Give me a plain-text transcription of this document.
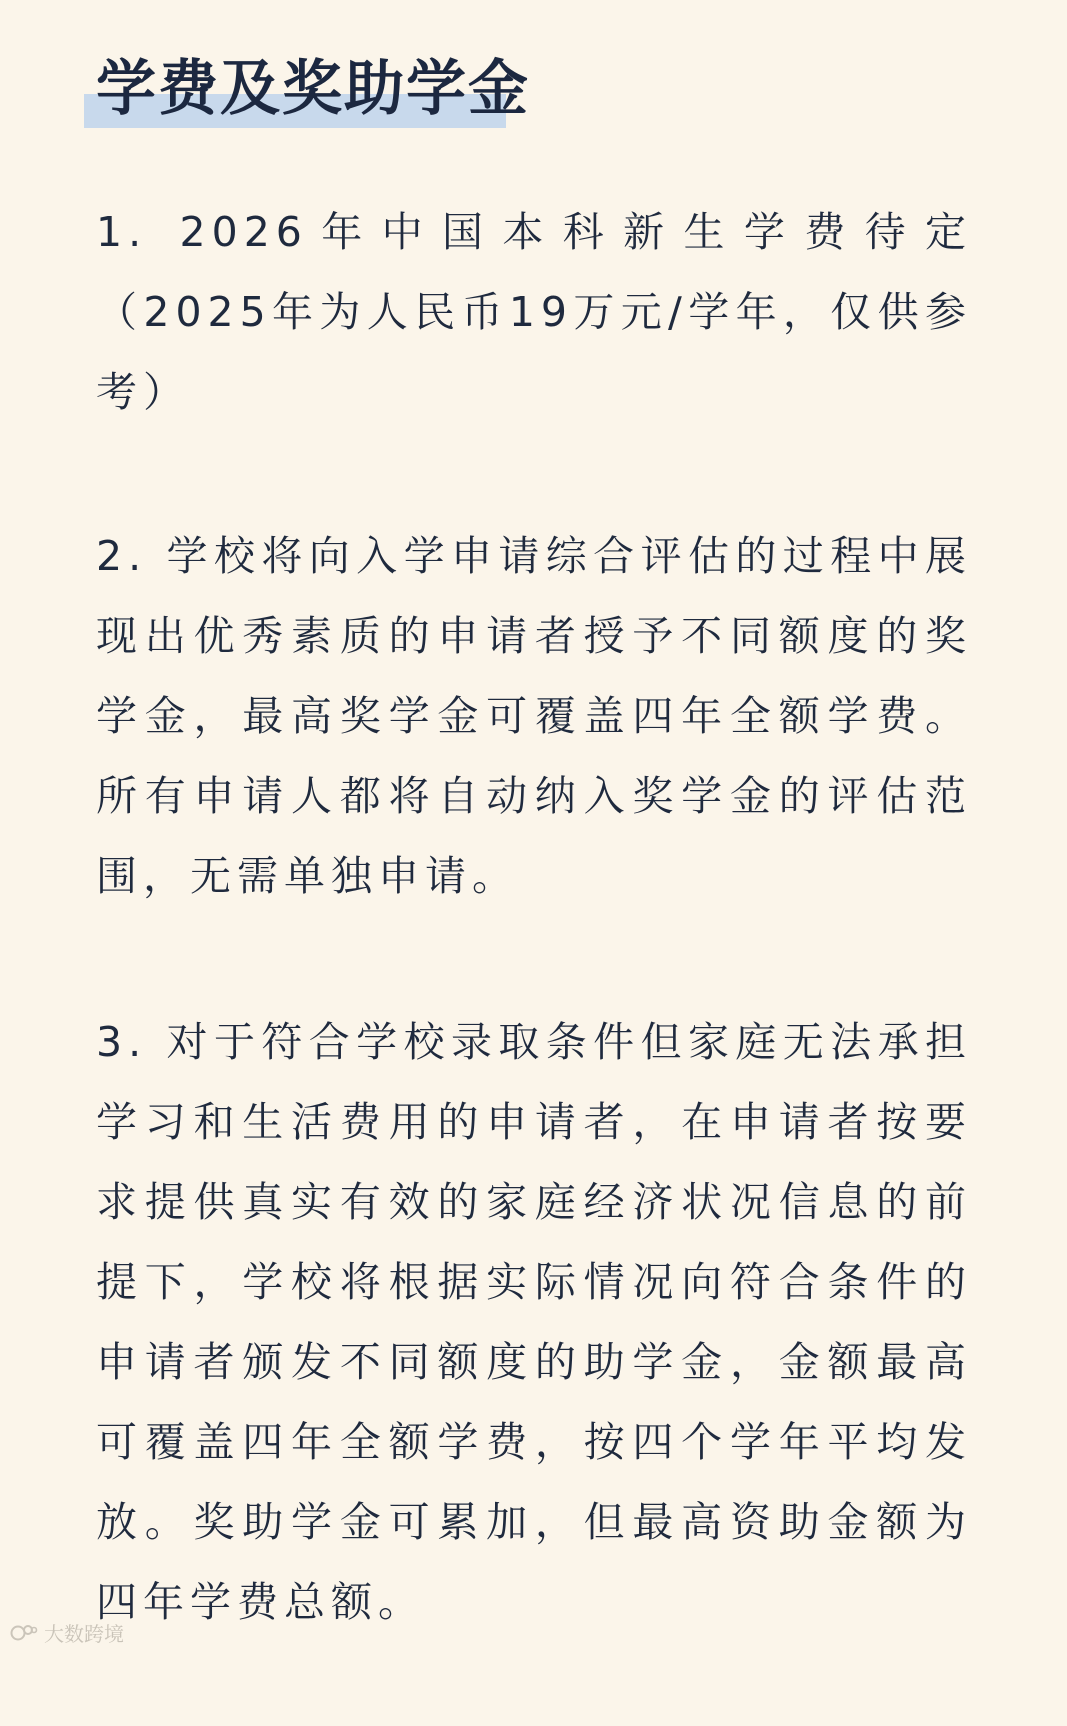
学费及奖助学金

1. 2026年中国本科新生学费待定（2025年为人民币19万元/学年，仅供参考）

2. 学校将向入学申请综合评估的过程中展现出优秀素质的申请者授予不同额度的奖学金，最高奖学金可覆盖四年全额学费。所有申请人都将自动纳入奖学金的评估范围，无需单独申请。

3. 对于符合学校录取条件但家庭无法承担学习和生活费用的申请者，在申请者按要求提供真实有效的家庭经济状况信息的前提下，学校将根据实际情况向符合条件的申请者颁发不同额度的助学金，金额最高可覆盖四年全额学费，按四个学年平均发放。奖助学金可累加，但最高资助金额为四年学费总额。

大数跨境
